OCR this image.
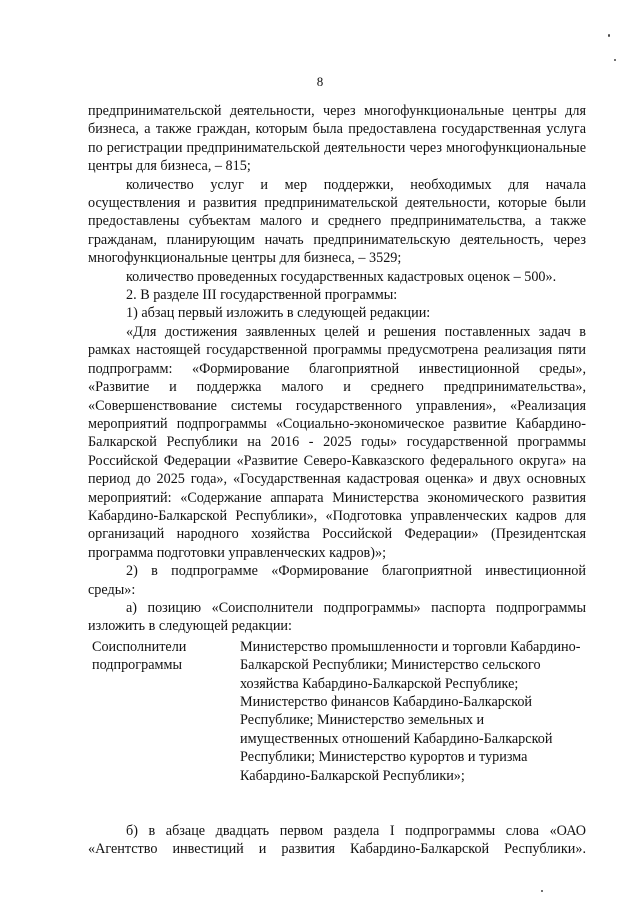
8

предпринимательской деятельности, через многофункциональные центры для бизнеса, а также граждан, которым была предоставлена государственная услуга по регистрации предпринимательской деятельности через многофункциональные центры для бизнеса, – 815;

количество услуг и мер поддержки, необходимых для начала осуществления и развития предпринимательской деятельности, которые были предоставлены субъектам малого и среднего предпринимательства, а также гражданам, планирующим начать предпринимательскую деятельность, через многофункциональные центры для бизнеса, – 3529;

количество проведенных государственных кадастровых оценок – 500».

2. В разделе III государственной программы:

1) абзац первый изложить в следующей редакции:

«Для достижения заявленных целей и решения поставленных задач в рамках настоящей государственной программы предусмотрена реализация пяти подпрограмм: «Формирование благоприятной инвестиционной среды», «Развитие и поддержка малого и среднего предпринимательства», «Совершенствование системы государственного управления», «Реализация мероприятий подпрограммы «Социально-экономическое развитие Кабардино-Балкарской Республики на 2016 - 2025 годы» государственной программы Российской Федерации «Развитие Северо-Кавказского федерального округа» на период до 2025 года», «Государственная кадастровая оценка» и двух основных мероприятий: «Содержание аппарата Министерства экономического развития Кабардино-Балкарской Республики», «Подготовка управленческих кадров для организаций народного хозяйства Российской Федерации» (Президентская программа подготовки управленческих кадров)»;

2) в подпрограмме «Формирование благоприятной инвестиционной среды»:

а) позицию «Соисполнители подпрограммы» паспорта подпрограммы изложить в следующей редакции:

Соисполнители подпрограммы
Министерство промышленности и торговли Кабардино-Балкарской Республики; Министерство сельского хозяйства Кабардино-Балкарской Республике; Министерство финансов Кабардино-Балкарской Республике; Министерство земельных и имущественных отношений Кабардино-Балкарской Республики; Министерство курортов и туризма Кабардино-Балкарской Республики»;

б) в абзаце двадцать первом раздела I подпрограммы слова «ОАО «Агентство инвестиций и развития Кабардино-Балкарской Республики».
